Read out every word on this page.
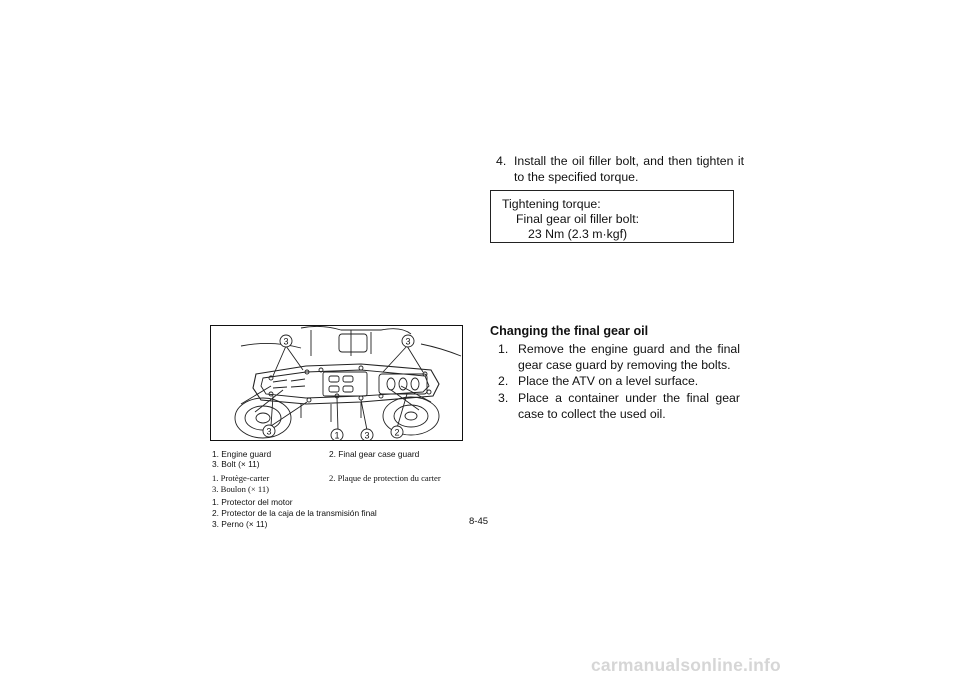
4. Install the oil filler bolt, and then tighten it to the specified torque.
Tightening torque:
Final gear oil filler bolt:
23 Nm (2.3 m·kgf)
Changing the final gear oil
1. Remove the engine guard and the final gear case guard by removing the bolts.
2. Place the ATV on a level surface.
3. Place a container under the final gear case to collect the used oil.
3	3
3	1	3	2
1. Engine guard	2. Final gear case guard
3. Bolt (× 11)
1. Protège-carter	2. Plaque de protection du carter
3. Boulon (× 11)
1. Protector del motor
2. Protector de la caja de la transmisión final
3. Perno (× 11)	8-45
carmanualsonline.info
